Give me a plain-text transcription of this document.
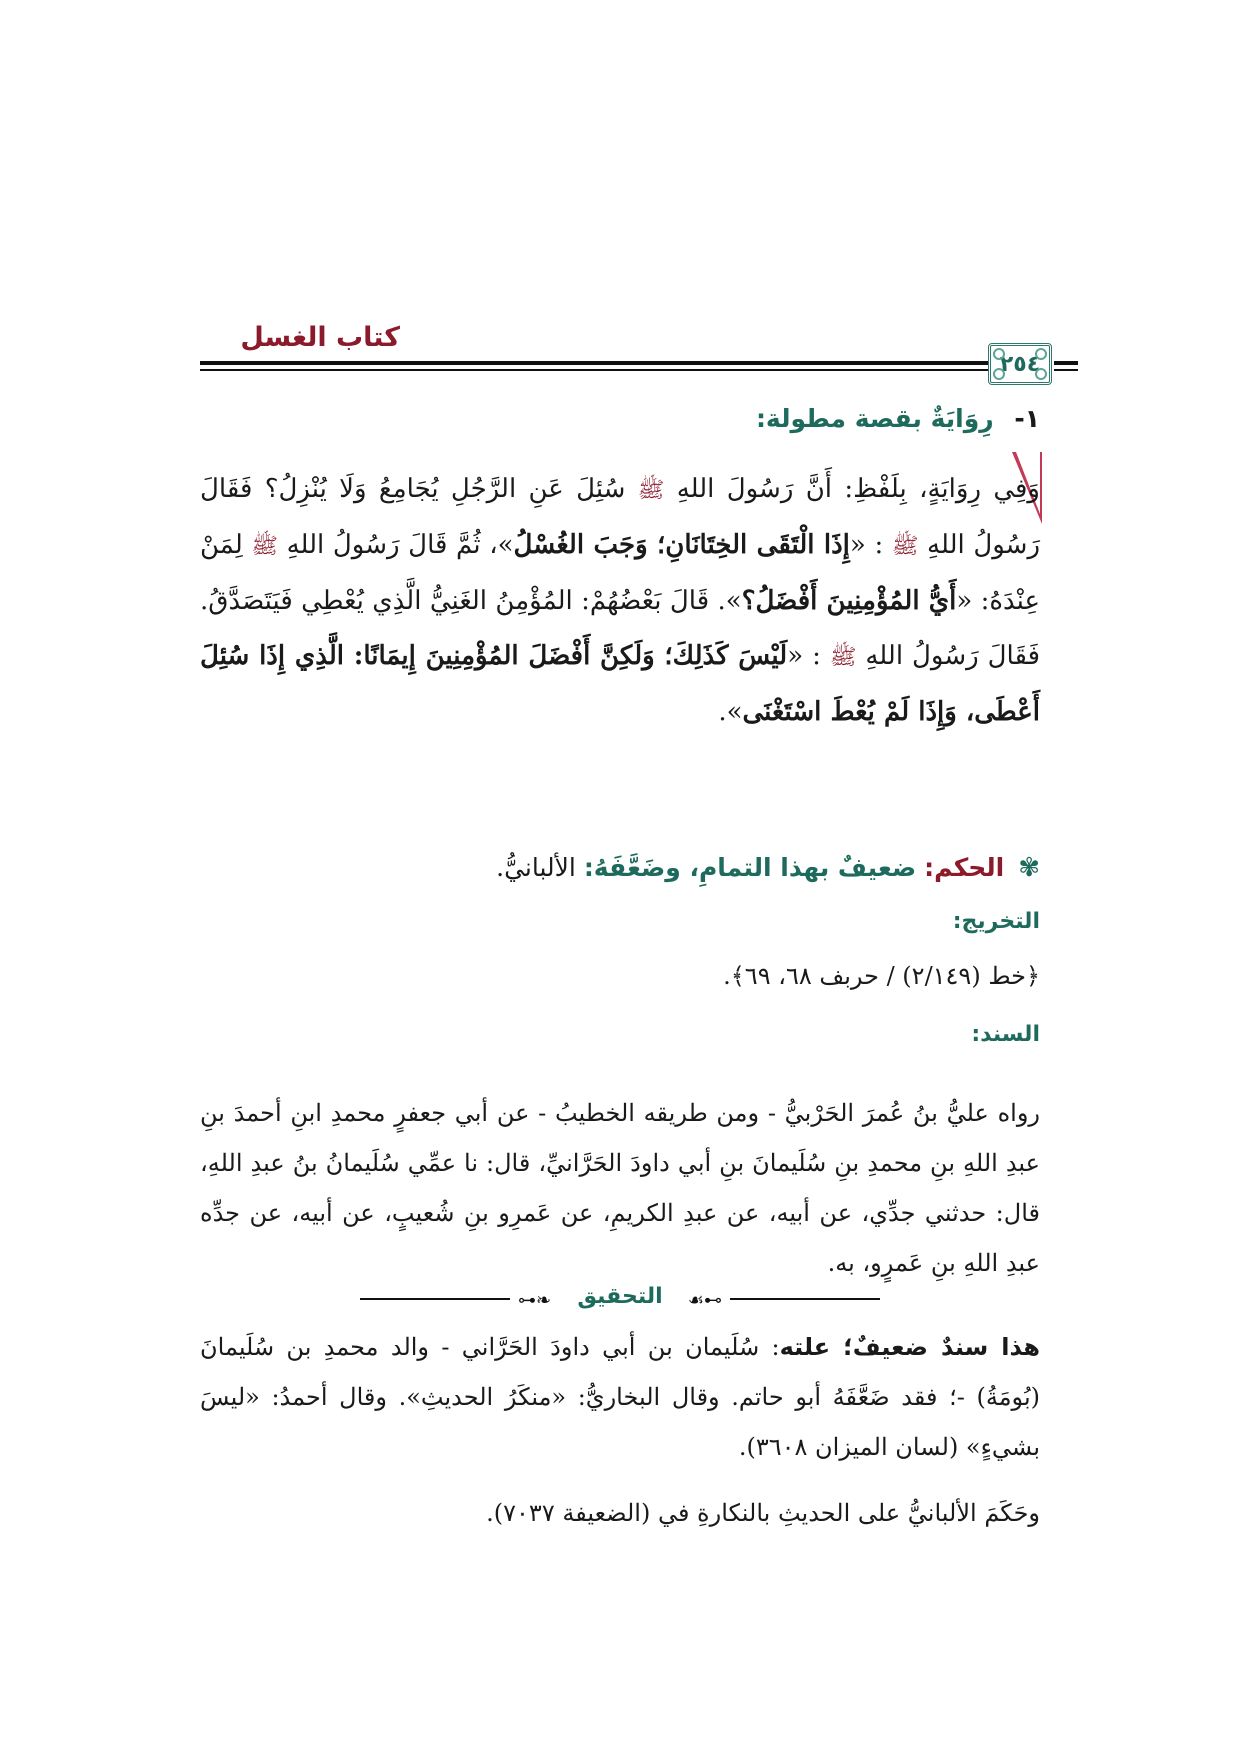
كتاب الغسل
٢٥٤
١- رِوَايَةٌ بقصة مطولة:
وَفِي رِوَايَةٍ، بِلَفْظِ: أَنَّ رَسُولَ اللهِ ﷺ سُئِلَ عَنِ الرَّجُلِ يُجَامِعُ وَلَا يُنْزِلُ؟ فَقَالَ رَسُولُ اللهِ ﷺ : «إِذَا الْتَقَى الخِتَانَانِ؛ وَجَبَ الغُسْلُ»، ثُمَّ قَالَ رَسُولُ اللهِ ﷺ لِمَنْ عِنْدَهُ: «أَيُّ المُؤْمِنِينَ أَفْضَلُ؟». قَالَ بَعْضُهُمْ: المُؤْمِنُ الغَنِيُّ الَّذِي يُعْطِي فَيَتَصَدَّقُ. فَقَالَ رَسُولُ اللهِ ﷺ : «لَيْسَ كَذَلِكَ؛ وَلَكِنَّ أَفْضَلَ المُؤْمِنِينَ إِيمَانًا: الَّذِي إِذَا سُئِلَ أَعْطَى، وَإِذَا لَمْ يُعْطَ اسْتَغْنَى».
✾ الحكم: ضعيفٌ بهذا التمامِ، وضَعَّفَهُ: الألبانيُّ.
التخريج:
﴿خط (٢/١٤٩) / حربف ٦٨، ٦٩﴾.
السند:
رواه عليُّ بنُ عُمرَ الحَرْبيُّ - ومن طريقه الخطيبُ - عن أبي جعفرٍ محمدِ ابنِ أحمدَ بنِ عبدِ اللهِ بنِ محمدِ بنِ سُلَيمانَ بنِ أبي داودَ الحَرَّانيِّ، قال: نا عمِّي سُلَيمانُ بنُ عبدِ اللهِ، قال: حدثني جدِّي، عن أبيه، عن عبدِ الكريمِ، عن عَمرِو بنِ شُعيبٍ، عن أبيه، عن جدِّه عبدِ اللهِ بنِ عَمرٍو، به.
⊶❧	☙⊷
التحقيق
هذا سندٌ ضعيفٌ؛ علته: سُلَيمان بن أبي داودَ الحَرَّاني - والد محمدِ بن سُلَيمانَ (بُومَةُ) -؛ فقد ضَعَّفَهُ أبو حاتم. وقال البخاريُّ: «منكَرُ الحديثِ». وقال أحمدُ: «ليسَ بشيءٍ» (لسان الميزان ٣٦٠٨).
وحَكَمَ الألبانيُّ على الحديثِ بالنكارةِ في (الضعيفة ٧٠٣٧).
